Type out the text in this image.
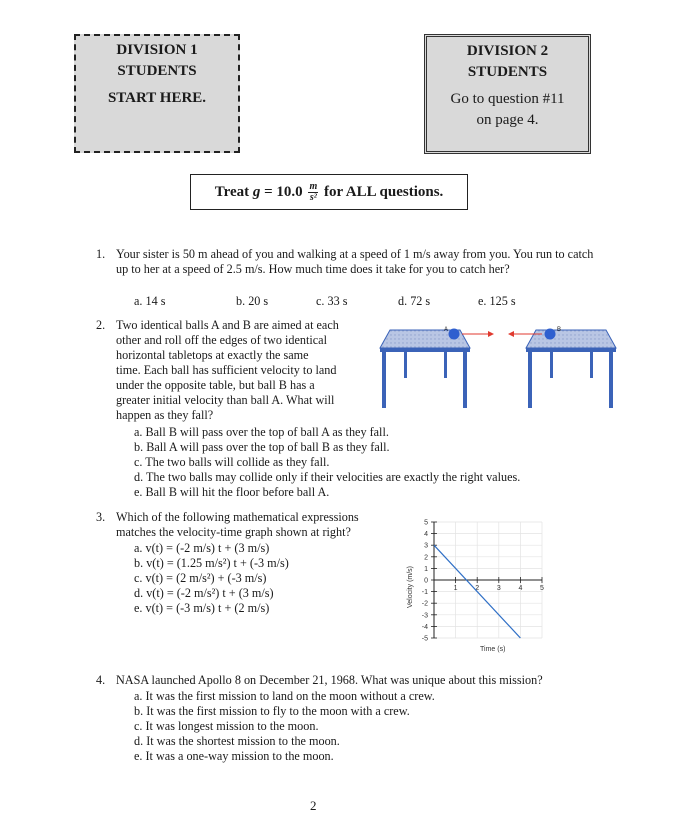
DIVISION 1
STUDENTS
START HERE.
DIVISION 2
STUDENTS
Go to question #11
on page 4.
Treat $g = 10.0 \frac{m}{\text{s²}}$ for ALL questions.
1. Your sister is 50 m ahead of you and walking at a speed of 1 m/s away from you. You run to catch up to her at a speed of 2.5 m/s. How much time does it take for you to catch her?
a. 14 s	b. 20 s	c. 33 s	d. 72 s	e. 125 s
2. Two identical balls A and B are aimed at each
other and roll off the edges of two identical
horizontal tabletops at exactly the same
time. Each ball has sufficient velocity to land
under the opposite table, but ball B has a
greater initial velocity than ball A. What will
happen as they fall?
a. Ball B will pass over the top of ball A as they fall.
b. Ball A will pass over the top of ball B as they fall.
c. The two balls will collide as they fall.
d. The two balls may collide only if their velocities are exactly the right values.
e. Ball B will hit the floor before ball A.
A	B
3. Which of the following mathematical expressions
matches the velocity-time graph shown at right?
a. v(t) = (-2 m/s) t + (3 m/s)
b. v(t) = (1.25 m/s²) t + (-3 m/s)
c. v(t) = (2 m/s²) + (-3 m/s)
d. v(t) = (-2 m/s²) t + (3 m/s)
e. v(t) = (-3 m/s) t + (2 m/s)	Velocity (m/s)
Time (s)
5
4
3
2
1
0
-1
-2
-3
-4
-5
1	2	3	4	5
4. NASA launched Apollo 8 on December 21, 1968. What was unique about this mission?
a. It was the first mission to land on the moon without a crew.
b. It was the first mission to fly to the moon with a crew.
c. It was longest mission to the moon.
d. It was the shortest mission to the moon.
e. It was a one-way mission to the moon.
2
